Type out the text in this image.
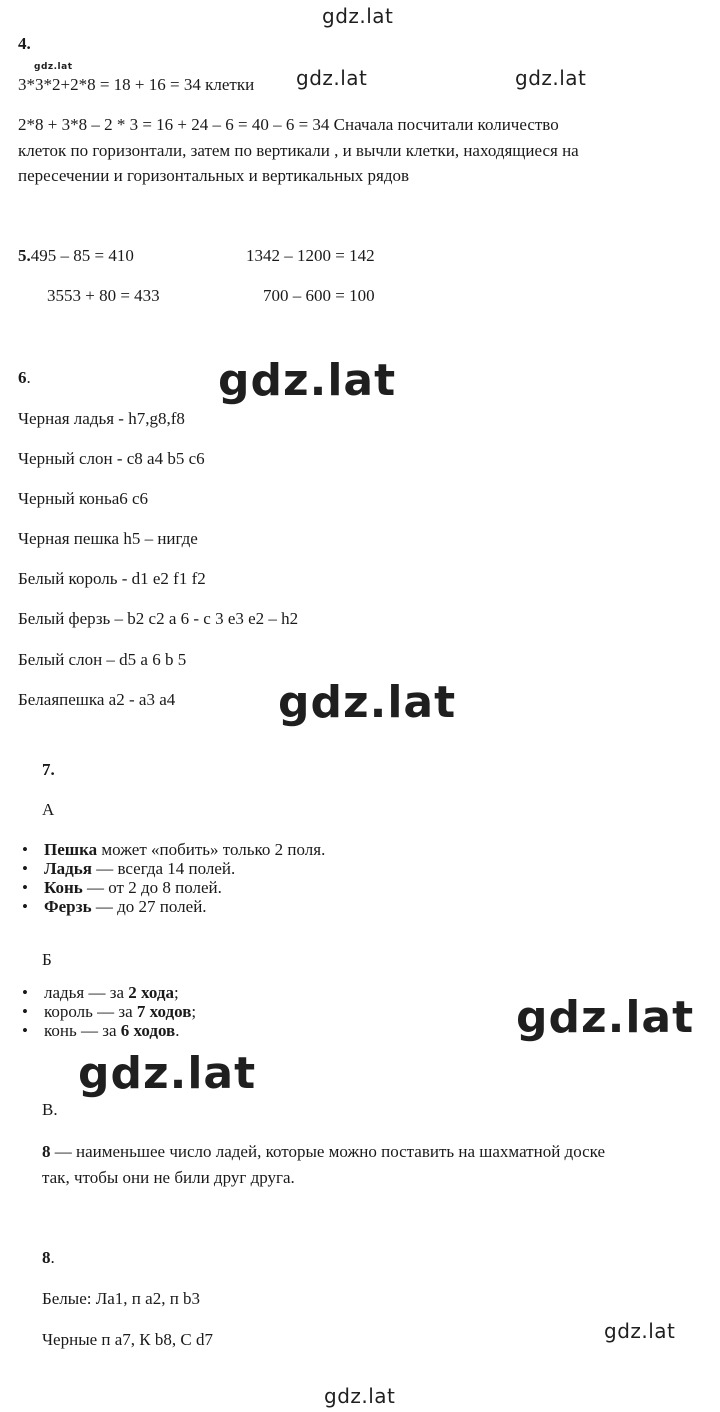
gdz.lat
gdz.lat	gdz.lat	gdz.lat
gdz.lat
gdz.lat
gdz.lat
gdz.lat
gdz.lat
gdz.lat
4.
3*3*2+2*8 = 18 + 16 = 34 клетки
2*8 + 3*8 – 2 * 3 = 16 + 24 – 6 = 40 – 6 = 34 Сначала посчитали количество
клеток по горизонтали, затем по вертикали , и вычли клетки, находящиеся на
пересечении и горизонтальных и вертикальных рядов
5.495 – 85 = 410	1342 – 1200 = 142
3553 + 80 = 433	700 – 600 = 100
6.
Черная ладья - h7,g8,f8
Черный слон - c8 a4 b5 c6
Черный коньа6 c6
Черная пешка h5 – нигде
Белый король - d1 e2 f1 f2
Белый ферзь – b2 c2 a 6 - c 3 e3 e2 – h2
Белый слон – d5 a 6 b 5
Белаяпешка a2 - a3 a4
7.
А
• Пешка может «побить» только 2 поля.
• Ладья — всегда 14 полей.
• Конь — от 2 до 8 полей.
• Ферзь — до 27 полей.
Б
• ладья — за 2 хода;
• король — за 7 ходов;
• конь — за 6 ходов.
В.
8 — наименьшее число ладей, которые можно поставить на шахматной доске
так, чтобы они не били друг друга.
8.
Белые: Ла1, п a2, п b3
Черные п a7, К b8, С d7
